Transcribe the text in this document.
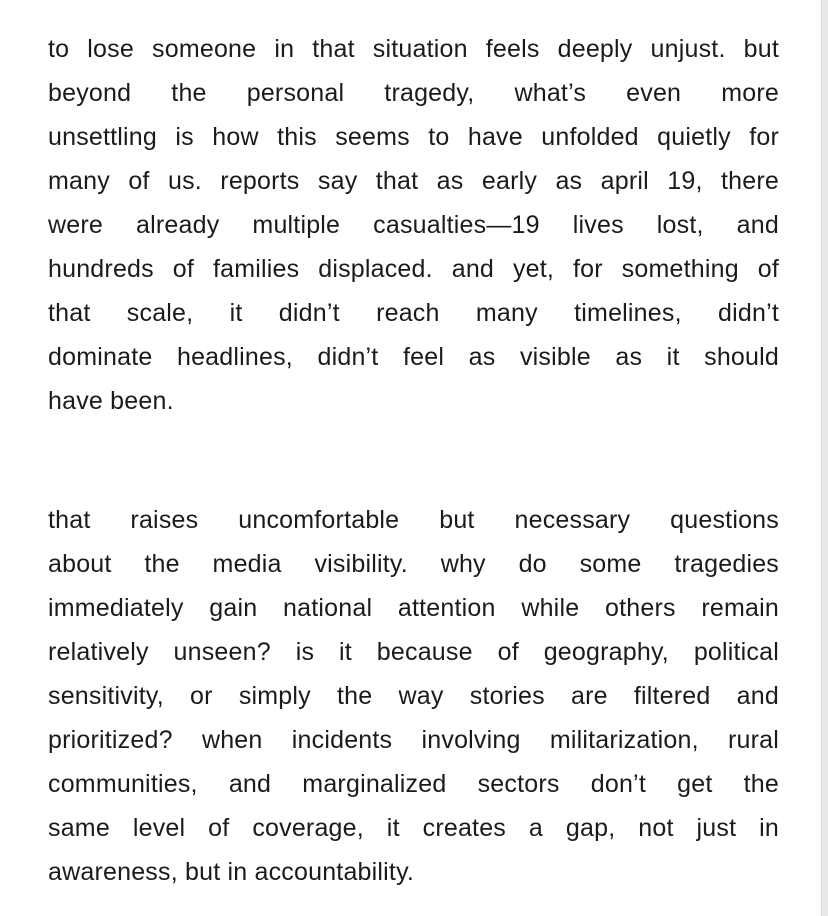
to lose someone in that situation feels deeply unjust. but
beyond the personal tragedy, what’s even more
unsettling is how this seems to have unfolded quietly for
many of us. reports say that as early as april 19, there
were already multiple casualties—19 lives lost, and
hundreds of families displaced. and yet, for something of
that scale, it didn’t reach many timelines, didn’t
dominate headlines, didn’t feel as visible as it should
have been.
that raises uncomfortable but necessary questions
about the media visibility. why do some tragedies
immediately gain national attention while others remain
relatively unseen? is it because of geography, political
sensitivity, or simply the way stories are filtered and
prioritized? when incidents involving militarization, rural
communities, and marginalized sectors don’t get the
same level of coverage, it creates a gap, not just in
awareness, but in accountability.
